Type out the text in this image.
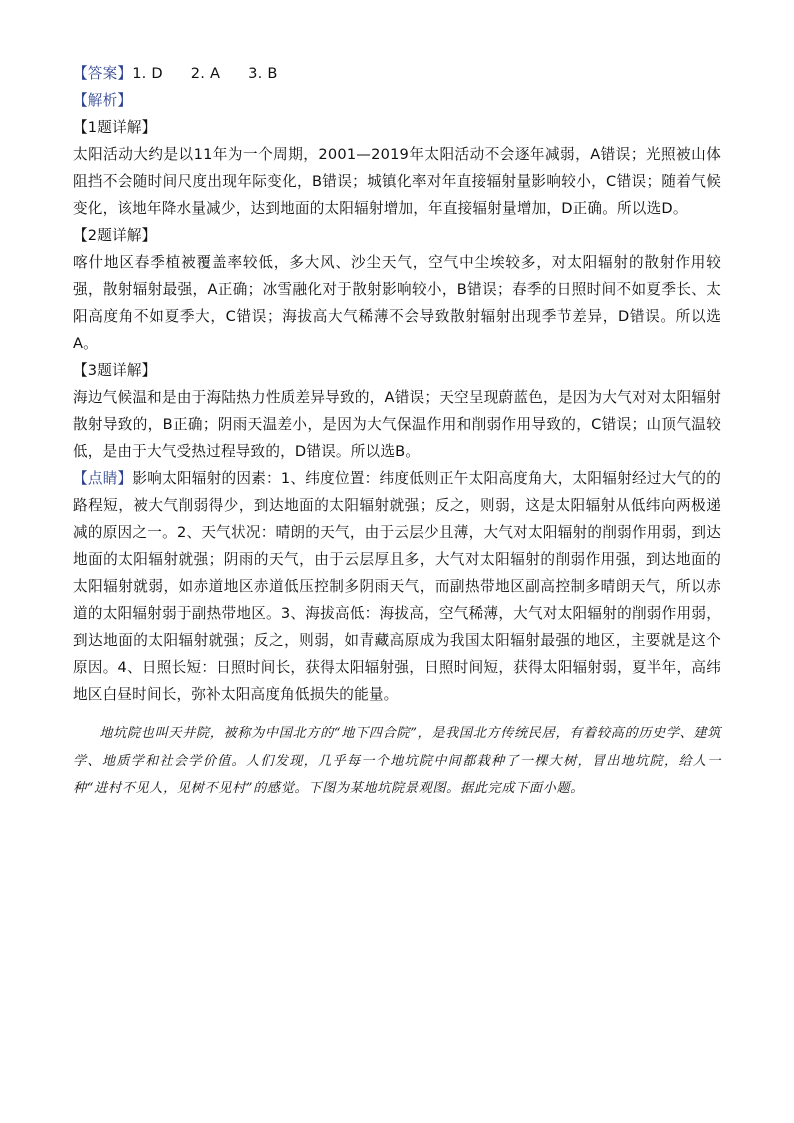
【答案】1. D 2. A 3. B
【解析】
【1题详解】
太阳活动大约是以11年为一个周期，2001—2019年太阳活动不会逐年减弱，A错误；光照被山体阻挡不会随时间尺度出现年际变化，B错误；城镇化率对年直接辐射量影响较小，C错误；随着气候变化，该地年降水量减少，达到地面的太阳辐射增加，年直接辐射量增加，D正确。所以选D。
【2题详解】
喀什地区春季植被覆盖率较低，多大风、沙尘天气，空气中尘埃较多，对太阳辐射的散射作用较强，散射辐射最强，A正确；冰雪融化对于散射影响较小，B错误；春季的日照时间不如夏季长、太阳高度角不如夏季大，C错误；海拔高大气稀薄不会导致散射辐射出现季节差异，D错误。所以选A。
【3题详解】
海边气候温和是由于海陆热力性质差异导致的，A错误；天空呈现蔚蓝色，是因为大气对对太阳辐射散射导致的，B正确；阴雨天温差小，是因为大气保温作用和削弱作用导致的，C错误；山顶气温较低，是由于大气受热过程导致的，D错误。所以选B。
【点睛】影响太阳辐射的因素：1、纬度位置：纬度低则正午太阳高度角大，太阳辐射经过大气的的路程短，被大气削弱得少，到达地面的太阳辐射就强；反之，则弱，这是太阳辐射从低纬向两极递减的原因之一。2、天气状况：晴朗的天气，由于云层少且薄，大气对太阳辐射的削弱作用弱，到达地面的太阳辐射就强；阴雨的天气，由于云层厚且多，大气对太阳辐射的削弱作用强，到达地面的太阳辐射就弱，如赤道地区赤道低压控制多阴雨天气，而副热带地区副高控制多晴朗天气，所以赤道的太阳辐射弱于副热带地区。3、海拔高低：海拔高，空气稀薄，大气对太阳辐射的削弱作用弱，到达地面的太阳辐射就强；反之，则弱，如青藏高原成为我国太阳辐射最强的地区，主要就是这个原因。4、日照长短：日照时间长，获得太阳辐射强，日照时间短，获得太阳辐射弱，夏半年，高纬地区白昼时间长，弥补太阳高度角低损失的能量。
地坑院也叫天井院，被称为中国北方的“地下四合院”，是我国北方传统民居，有着较高的历史学、建筑学、地质学和社会学价值。人们发现，几乎每一个地坑院中间都栽种了一棵大树，冒出地坑院，给人一种“进村不见人，见树不见村”的感觉。下图为某地坑院景观图。据此完成下面小题。
